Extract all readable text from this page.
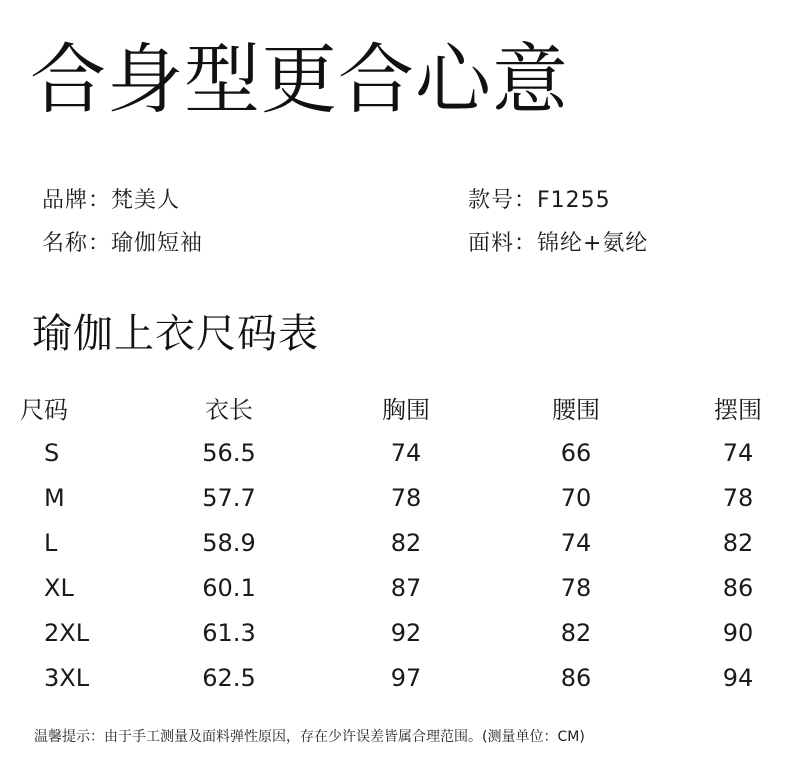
合身型更合心意
品牌：梵美人
名称：瑜伽短袖
款号：F1255
面料：锦纶+氨纶
瑜伽上衣尺码表
尺码	衣长	胸围	腰围	摆围
S	56.5	74	66	74
M	57.7	78	70	78
L	58.9	82	74	82
XL	60.1	87	78	86
2XL	61.3	92	82	90
3XL	62.5	97	86	94
温馨提示：由于手工测量及面料弹性原因，存在少许误差皆属合理范围。(测量单位：CM)
